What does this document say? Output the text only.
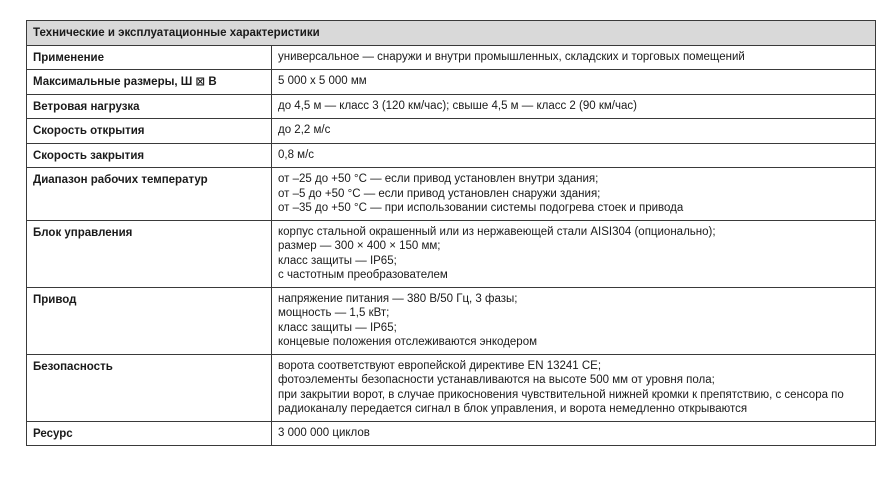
Технические и эксплуатационные характеристики	
Применение	универсальное — снаружи и внутри промышленных, складских и торговых помещений

Максимальные размеры, Ш ⊠ В	5 000 х 5 000 мм

Ветровая нагрузка	до 4,5 м — класс 3 (120 км/час); свыше 4,5 м — класс 2 (90 км/час)

Скорость открытия	до 2,2 м/с

Скорость закрытия	0,8 м/с

Диапазон рабочих температур	от –25 до +50 °С — если привод установлен внутри здания;
от –5 до +50 °С — если привод установлен снаружи здания;
от –35 до +50 °С — при использовании системы подогрева стоек и привода

Блок управления	корпус стальной окрашенный или из нержавеющей стали AISI304 (опционально);
размер — 300 × 400 × 150 мм;
класс защиты — IP65;
с частотным преобразователем

Привод	напряжение питания — 380 В/50 Гц, 3 фазы;
мощность — 1,5 кВт;
класс защиты — IP65;
концевые положения отслеживаются энкодером

Безопасность	ворота соответствуют европейской директиве EN 13241 CE;
фотоэлементы безопасности устанавливаются на высоте 500 мм от уровня пола;
при закрытии ворот, в случае прикосновения чувствительной нижней кромки к препятствию, с сенсора по радиоканалу передается сигнал в блок управления, и ворота немедленно открываются

Ресурс	3 000 000 циклов
